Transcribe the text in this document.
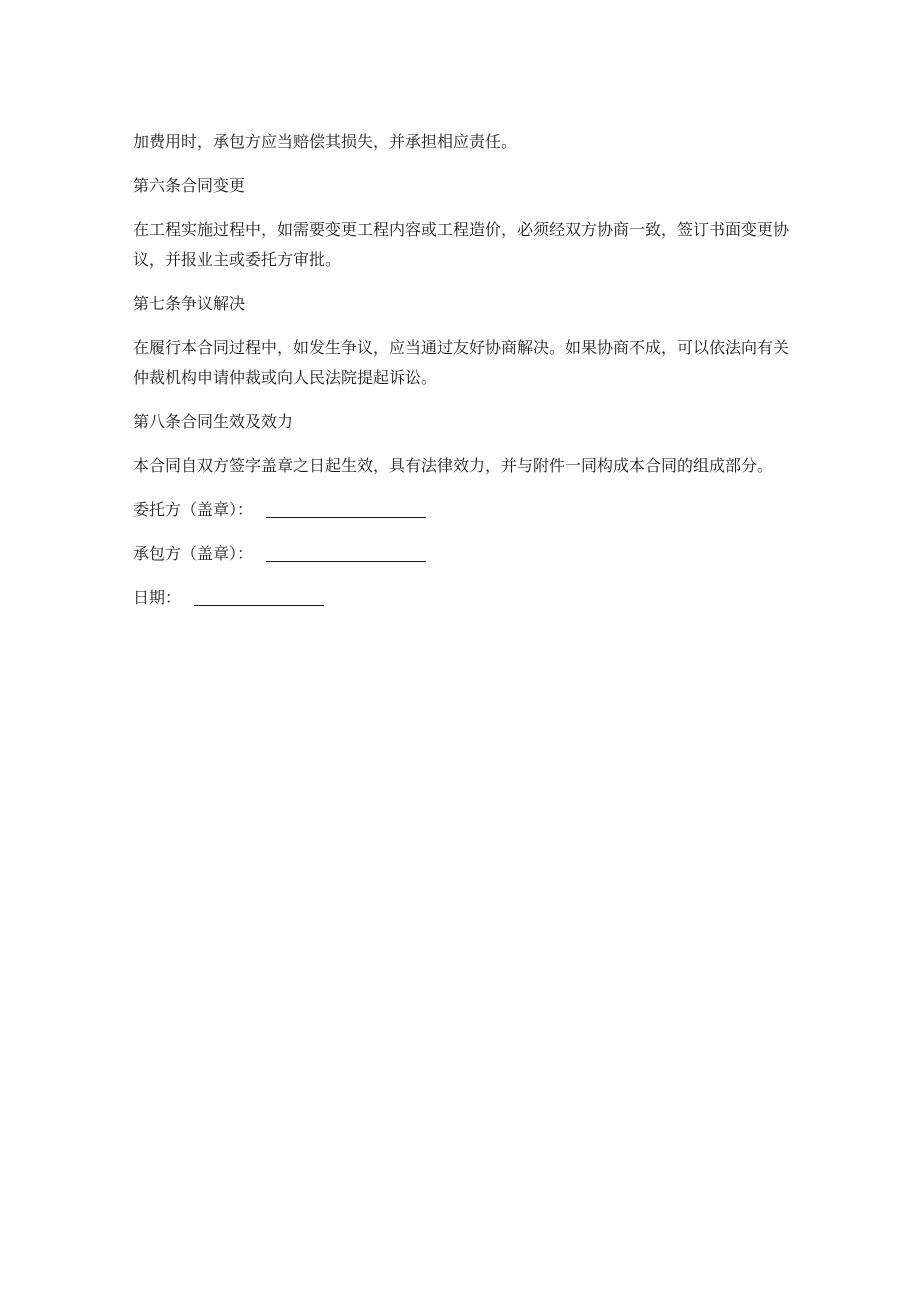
加费用时，承包方应当赔偿其损失，并承担相应责任。

第六条合同变更

在工程实施过程中，如需要变更工程内容或工程造价，必须经双方协商一致，签订书面变更协议，并报业主或委托方审批。

第七条争议解决

在履行本合同过程中，如发生争议，应当通过友好协商解决。如果协商不成，可以依法向有关仲裁机构申请仲裁或向人民法院提起诉讼。

第八条合同生效及效力

本合同自双方签字盖章之日起生效，具有法律效力，并与附件一同构成本合同的组成部分。

委托方（盖章）：
承包方（盖章）：
日期：
